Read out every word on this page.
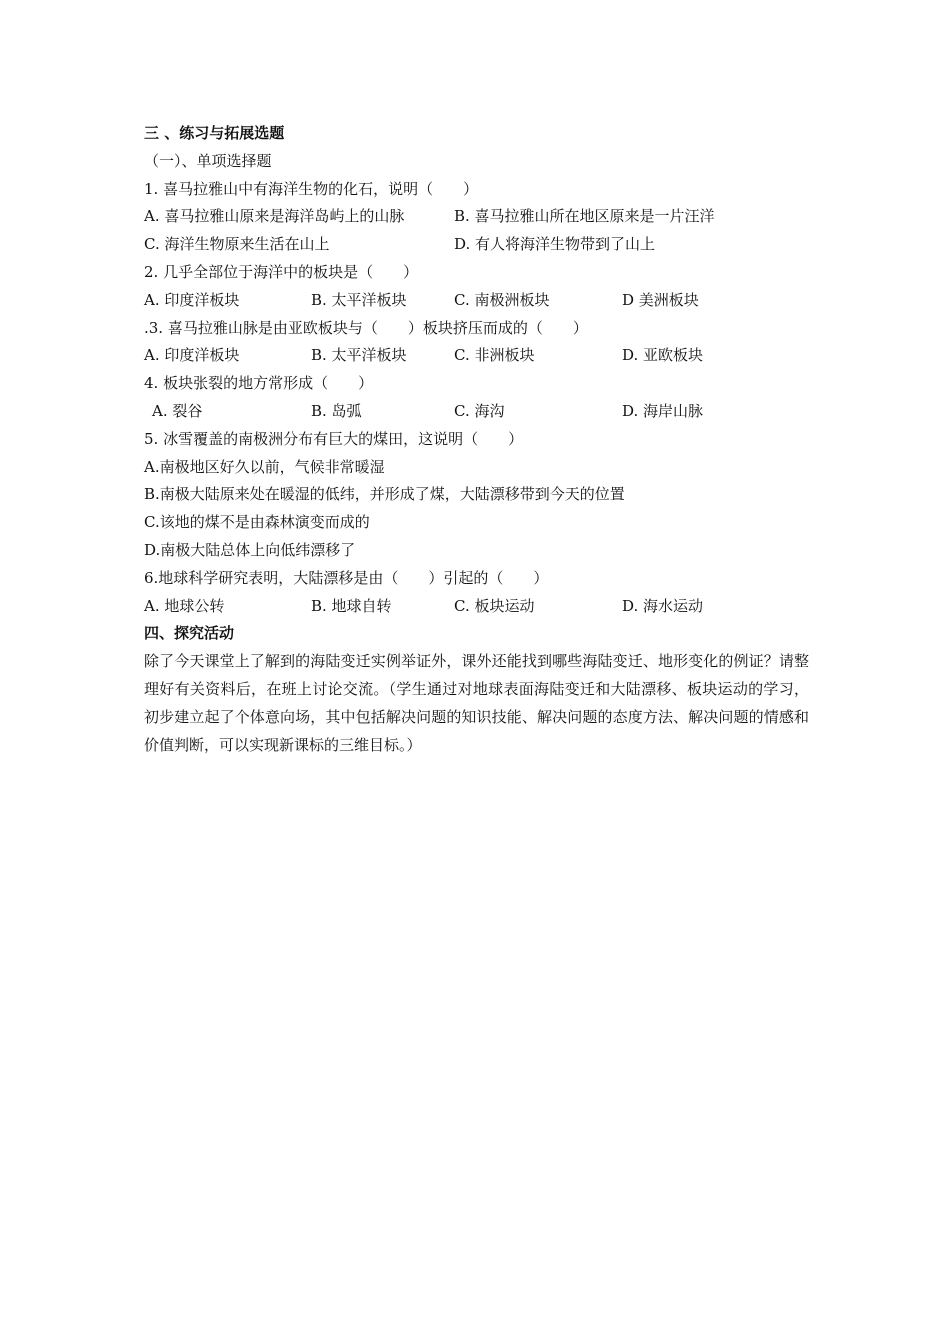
三 、练习与拓展选题
（一）、单项选择题
1. 喜马拉雅山中有海洋生物的化石，说明（　　）
A. 喜马拉雅山原来是海洋岛屿上的山脉	B. 喜马拉雅山所在地区原来是一片汪洋
C. 海洋生物原来生活在山上	D. 有人将海洋生物带到了山上
2. 几乎全部位于海洋中的板块是（　　）
A. 印度洋板块	B. 太平洋板块	C. 南极洲板块	D 美洲板块
.3. 喜马拉雅山脉是由亚欧板块与（　　）板块挤压而成的（　　）
A. 印度洋板块	B. 太平洋板块	C. 非洲板块	D. 亚欧板块
4. 板块张裂的地方常形成（　　）
A. 裂谷	B. 岛弧	C. 海沟	D. 海岸山脉
5. 冰雪覆盖的南极洲分布有巨大的煤田，这说明（　　）
A.南极地区好久以前，气候非常暖湿
B.南极大陆原来处在暖湿的低纬，并形成了煤，大陆漂移带到今天的位置
C.该地的煤不是由森林演变而成的
D.南极大陆总体上向低纬漂移了
6.地球科学研究表明，大陆漂移是由（　　）引起的（　　）
A. 地球公转	B. 地球自转	C. 板块运动	D. 海水运动
四、探究活动
除了今天课堂上了解到的海陆变迁实例举证外，课外还能找到哪些海陆变迁、地形变化的例证？请整理好有关资料后，在班上讨论交流。（学生通过对地球表面海陆变迁和大陆漂移、板块运动的学习，初步建立起了个体意向场，其中包括解决问题的知识技能、解决问题的态度方法、解决问题的情感和价值判断，可以实现新课标的三维目标。）
